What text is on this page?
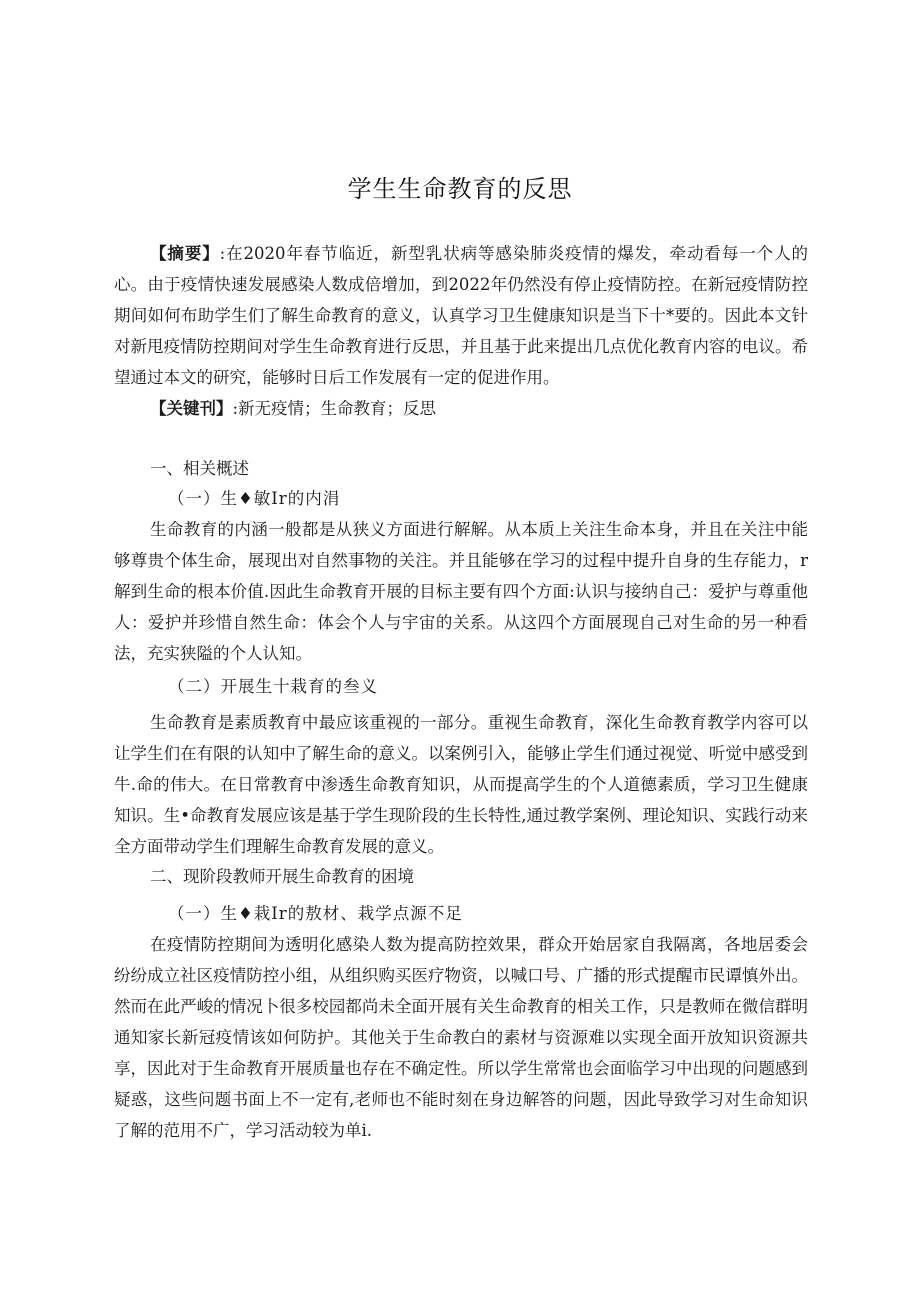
学生生命教育的反思
【摘要】:在2020年春节临近，新型乳状病等感染肺炎疫情的爆发，牵动看每一个人的心。由于疫情快速发展感染人数成倍增加，到2022年仍然没有停止疫情防控。在新冠疫情防控期间如何布助学生们了解生命教育的意义，认真学习卫生健康知识是当下十*要的。因此本文针对新甩疫情防控期间对学生生命教育进行反思，并且基于此来提出几点优化教育内容的电议。希望通过本文的研究，能够时日后工作发展有一定的促进作用。
【关键刊】:新无疫情；生命教育；反思
一、相关概述
（一）生♦敏Ir的内涓
生命教育的内涵一般都是从狭义方面进行解解。从本质上关注生命本身，并且在关注中能够尊贵个体生命，展现出对自然事物的关注。并且能够在学习的过程中提升自身的生存能力，r解到生命的根本价值.因此生命教育开展的目标主要有四个方面:认识与接纳自己：爱护与尊重他人：爱护并珍惜自然生命：体会个人与宇宙的关系。从这四个方面展现自己对生命的另一种看法，充实狭隘的个人认知。
（二）开展生十栽育的叁义
生命教育是素质教育中最应该重视的一部分。重视生命教育，深化生命教育教学内容可以让学生们在有限的认知中了解生命的意义。以案例引入，能够止学生们通过视觉、听觉中感受到牛.命的伟大。在日常教育中渗透生命教育知识，从而提高学生的个人道德素质，学习卫生健康知识。生•命教育发展应该是基于学生现阶段的生长特性,通过教学案例、理论知识、实践行动来全方面带动学生们理解生命教育发展的意义。
二、现阶段教师开展生命教育的困境
（一）生♦栽Ir的敖材、栽学点源不足
在疫情防控期间为透明化感染人数为提高防控效果，群众开始居家自我隔离，各地居委会纷纷成立社区疫情防控小组，从组织购买医疗物资，以喊口号、广播的形式提醒市民谭慎外出。然而在此严峻的情况卜很多校园都尚未全面开展有关生命教育的相关工作，只是教师在微信群明通知家长新冠疫情该如何防护。其他关于生命教白的素材与资源难以实现全面开放知识资源共享，因此对于生命教育开展质量也存在不确定性。所以学生常常也会面临学习中出现的问题感到疑惑，这些问题书面上不一定有,老师也不能时刻在身边解答的问题，因此导致学习对生命知识了解的范用不广，学习活动较为单i.
